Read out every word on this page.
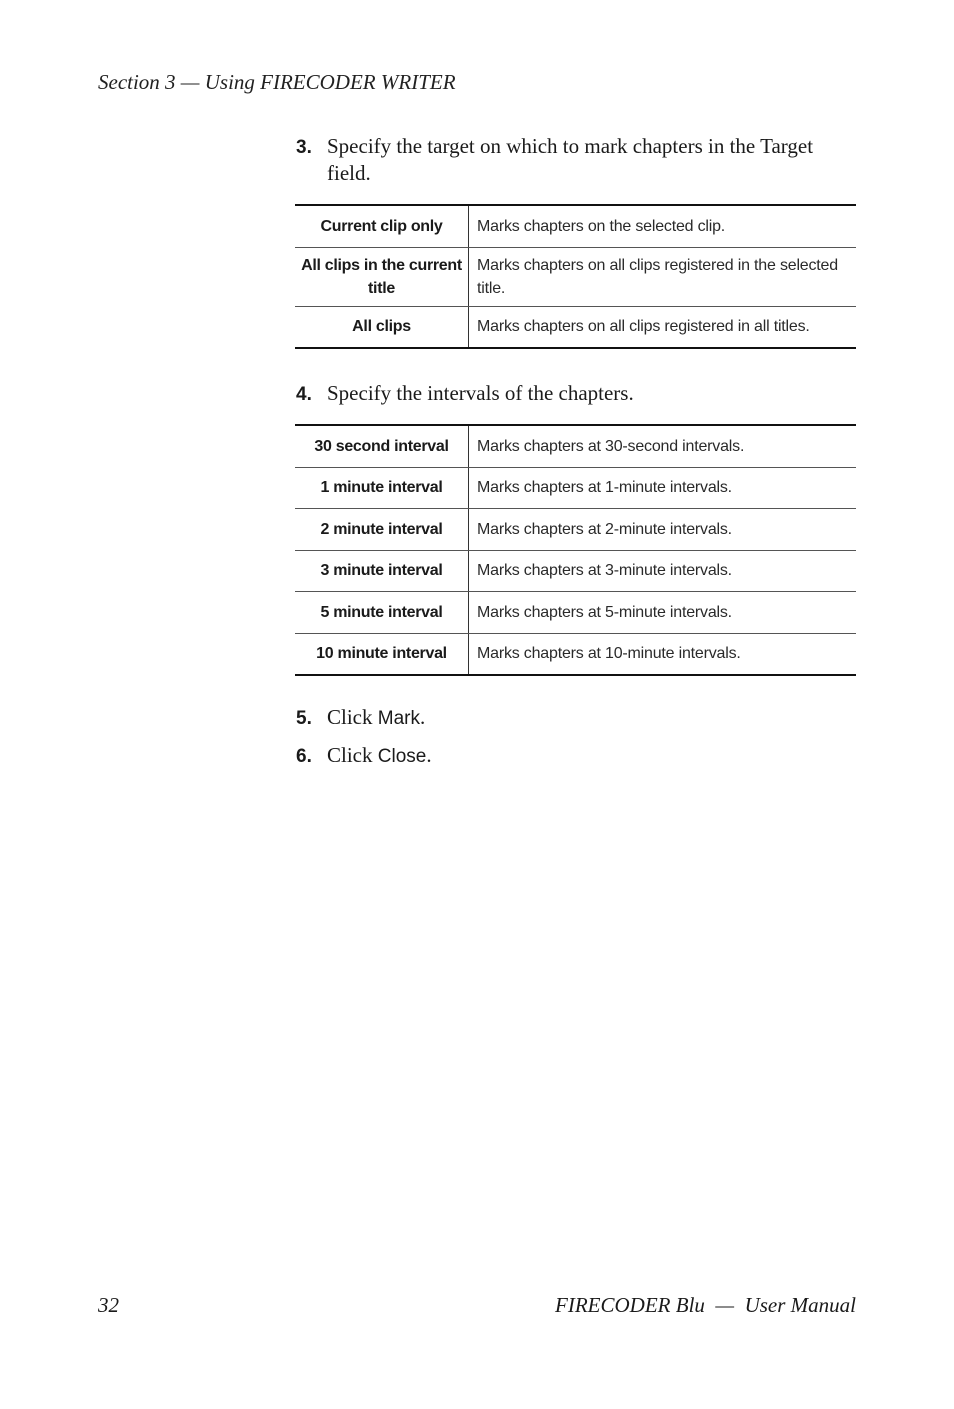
Section 3 — Using FIRECODER WRITER
3. Specify the target on which to mark chapters in the Target field.
Current clip only	Marks chapters on the selected clip.
All clips in the current title	Marks chapters on all clips registered in the selected title.
All clips	Marks chapters on all clips registered in all titles.
4. Specify the intervals of the chapters.
30 second interval	Marks chapters at 30-second intervals.
1 minute interval	Marks chapters at 1-minute intervals.
2 minute interval	Marks chapters at 2-minute intervals.
3 minute interval	Marks chapters at 3-minute intervals.
5 minute interval	Marks chapters at 5-minute intervals.
10 minute interval	Marks chapters at 10-minute intervals.
5. Click Mark.
6. Click Close.
32	FIRECODER Blu  —  User Manual
